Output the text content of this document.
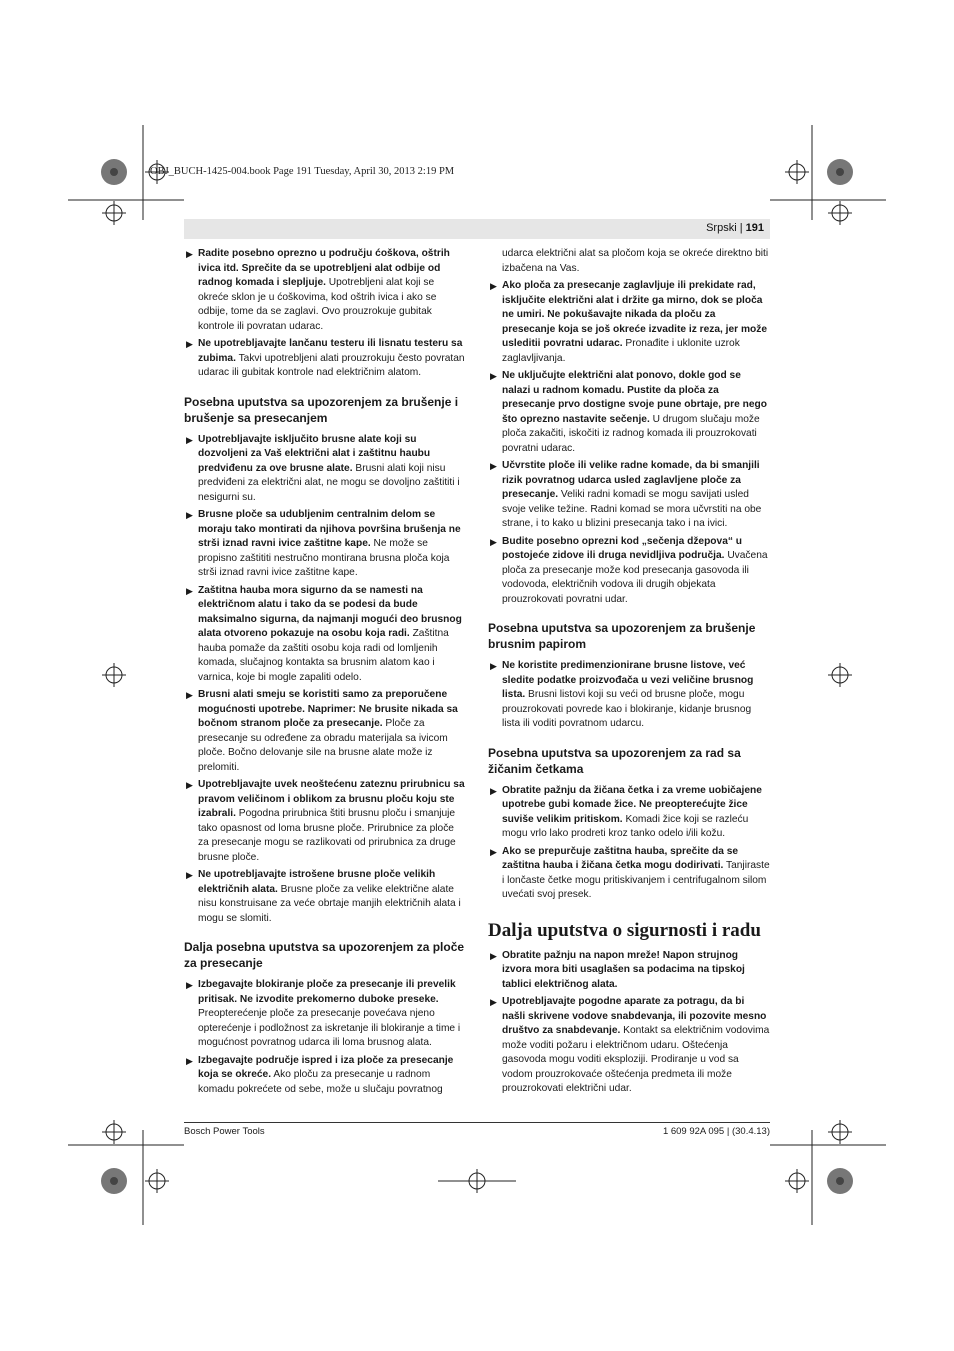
OBJ_BUCH-1425-004.book Page 191 Tuesday, April 30, 2013 2:19 PM
Srpski | 191
▶ Radite posebno oprezno u području ćoškova, oštrih ivica itd. Sprečite da se upotrebljeni alat odbije od radnog komada i sleplјuje. Upotrebljeni alat koji se okreće sklon je u ćoškovima, kod oštrih ivica i ako se odbije, tome da se zaglavi. Ovo prouzrokuje gubitak kontrole ili povratan udarac.
▶ Ne upotrebljavajte lančanu testeru ili lisnatu testeru sa zubima. Takvi upotrebljeni alati prouzrokuju često povratan udarac ili gubitak kontrole nad električnim alatom.
Posebna uputstva sa upozorenjem za brušenje i brušenje sa presecanjem
▶ Upotrebljavajte isključito brusne alate koji su dozvoljeni za Vaš električni alat i zaštitnu haubu predviđenu za ove brusne alate. Brusni alati koji nisu predviđeni za električni alat, ne mogu se dovoljno zaštititi i nesigurni su.
▶ Brusne ploče sa udubljenim centralnim delom se moraju tako montirati da njihova površina brušenja ne strši iznad ravni ivice zaštitne kape. Ne može se propisno zaštititi nestručno montirana brusna ploča koja strši iznad ravni ivice zaštitne kape.
▶ Zaštitna hauba mora sigurno da se namesti na električnom alatu i tako da se podesi da bude maksimalno sigurna, da najmanji mogući deo brusnog alata otvoreno pokazuje na osobu koja radi. Zaštitna hauba pomaže da zaštiti osobu koja radi od lomljenih komada, slučajnog kontakta sa brusnim alatom kao i varnica, koje bi mogle zapaliti odelo.
▶ Brusni alati smeju se koristiti samo za preporučene mogućnosti upotrebe. Naprimer: Ne brusite nikada sa bočnom stranom ploče za presecanje. Ploče za presecanje su određene za obradu materijala sa ivicom ploče. Bočno delovanje sile na brusne alate može iz prelomiti.
▶ Upotrebljavajte uvek neoštećenu zateznu prirubnicu sa pravom veličinom i oblikom za brusnu ploču koju ste izabrali. Pogodna prirubnica štiti brusnu ploču i smanjuje tako opasnost od loma brusne ploče. Prirubnice za ploče za presecanje mogu se razlikovati od prirubnica za druge brusne ploče.
▶ Ne upotrebljavajte istrošene brusne ploče velikih električnih alata. Brusne ploče za velike električne alate nisu konstruisane za veće obrtaje manjih električnih alata i mogu se slomiti.
Dalja posebna uputstva sa upozorenjem za ploče za presecanje
▶ Izbegavajte blokiranje ploče za presecanje ili prevelik pritisak. Ne izvodite prekomerno duboke preseke. Preopterećenje ploče za presecanje povećava njeno opterećenje i podložnost za iskretanje ili blokiranje a time i mogućnost povratnog udarca ili loma brusnog alata.
▶ Izbegavajte područje ispred i iza ploče za presecanje koja se okreće. Ako ploču za presecanje u radnom komadu pokrećete od sebe, može u slučaju povratnog
udarca električni alat sa pločom koja se okreće direktno biti izbačena na Vas.
▶ Ako ploča za presecanje zaglavljuje ili prekidate rad, isključite električni alat i držite ga mirno, dok se ploča ne umiri. Ne pokušavajte nikada da ploču za presecanje koja se još okreće izvadite iz reza, jer može usleditii povratni udarac. Pronađite i uklonite uzrok zaglavljivanja.
▶ Ne uključujte električni alat ponovo, dokle god se nalazi u radnom komadu. Pustite da ploča za presecanje prvo dostigne svoje pune obrtaje, pre nego što oprezno nastavite sečenje. U drugom slučaju može ploča zakačiti, iskočiti iz radnog komada ili prouzrokovati povratni udarac.
▶ Učvrstite ploče ili velike radne komade, da bi smanjili rizik povratnog udarca usled zaglavljene ploče za presecanje. Veliki radni komadi se mogu savijati usled svoje velike težine. Radni komad se mora učvrstiti na obe strane, i to kako u blizini presecanja tako i na ivici.
▶ Budite posebno oprezni kod „sečenja džepova“ u postojeće zidove ili druga nevidljiva područja. Uvačena ploča za presecanje može kod presecanja gasovoda ili vodovoda, električnih vodova ili drugih objekata prouzrokovati povratni udar.
Posebna uputstva sa upozorenjem za brušenje brusnim papirom
▶ Ne koristite predimenzionirane brusne listove, već sledite podatke proizvođača u vezi veličine brusnog lista. Brusni listovi koji su veći od brusne ploče, mogu prouzrokovati povrede kao i blokiranje, kidanje brusnog lista ili voditi povratnom udarcu.
Posebna uputstva sa upozorenjem za rad sa žičanim četkama
▶ Obratite pažnju da žičana četka i za vreme uobičajene upotrebe gubi komade žice. Ne preopterećujte žice suviše velikim pritiskom. Komadi žice koji se razleću mogu vrlo lako prodreti kroz tanko odelo i/ili kožu.
▶ Ako se prepurčuje zaštitna hauba, sprečite da se zaštitna hauba i žičana četka mogu dodirivati. Tanjiraste i lončaste četke mogu pritiskivanjem i centrifugalnom silom uvećati svoj presek.
Dalja uputstva o sigurnosti i radu
▶ Obratite pažnju na napon mreže! Napon strujnog izvora mora biti usaglašen sa podacima na tipskoj tablici električnog alata.
▶ Upotrebljavajte pogodne aparate za potragu, da bi našli skrivene vodove snabdevanja, ili pozovite mesno društvo za snabdevanje. Kontakt sa električnim vodovima može voditi požaru i električnom udaru. Oštećenja gasovoda mogu voditi eksploziji. Prodiranje u vod sa vodom prouzrokovaće oštećenja predmeta ili može prouzrokovati električni udar.
Bosch Power Tools	1 609 92A 095 | (30.4.13)
